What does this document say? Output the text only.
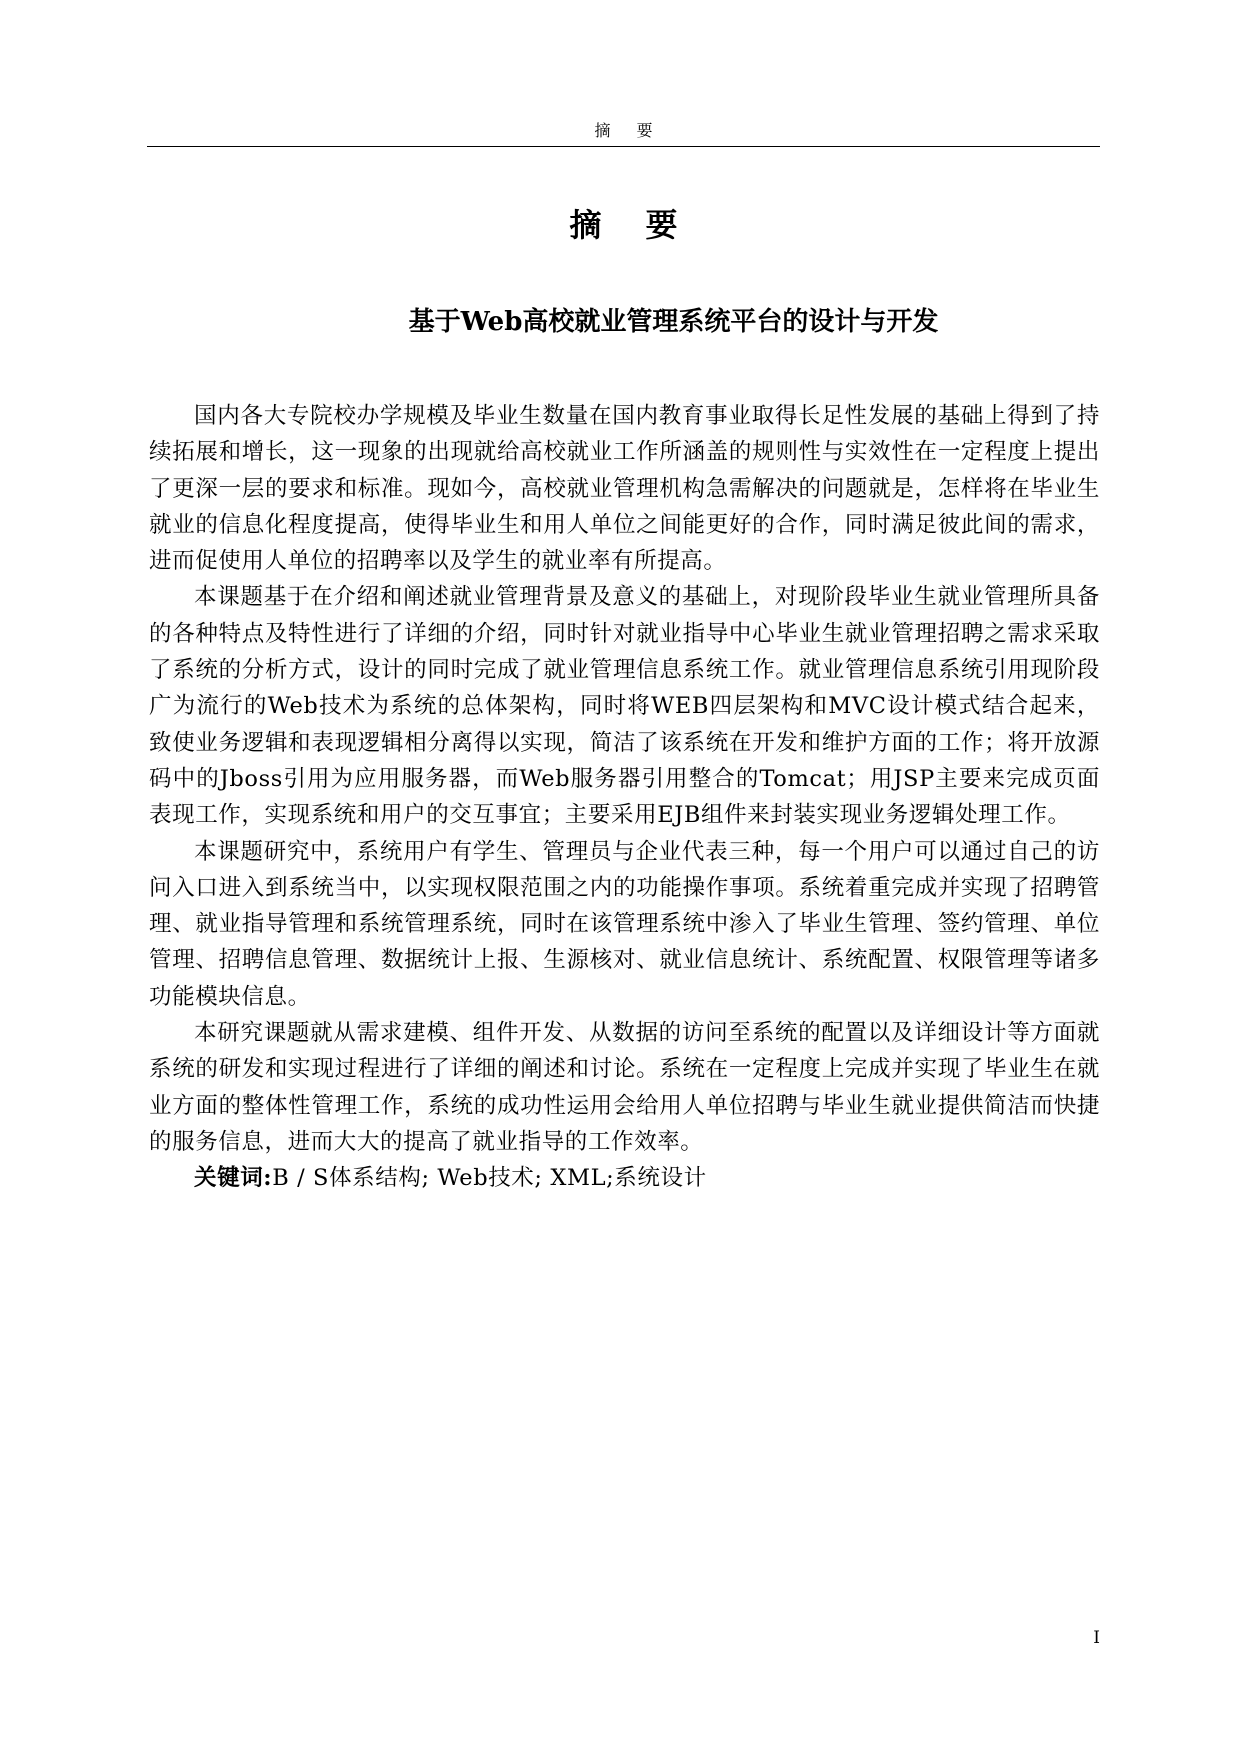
摘要
摘要
基于Web高校就业管理系统平台的设计与开发

国内各大专院校办学规模及毕业生数量在国内教育事业取得长足性发展的基础上得到了持续拓展和增长，这一现象的出现就给高校就业工作所涵盖的规则性与实效性在一定程度上提出了更深一层的要求和标准。现如今，高校就业管理机构急需解决的问题就是，怎样将在毕业生就业的信息化程度提高，使得毕业生和用人单位之间能更好的合作，同时满足彼此间的需求，进而促使用人单位的招聘率以及学生的就业率有所提高。

本课题基于在介绍和阐述就业管理背景及意义的基础上，对现阶段毕业生就业管理所具备的各种特点及特性进行了详细的介绍，同时针对就业指导中心毕业生就业管理招聘之需求采取了系统的分析方式，设计的同时完成了就业管理信息系统工作。就业管理信息系统引用现阶段广为流行的Web技术为系统的总体架构，同时将WEB四层架构和MVC设计模式结合起来，致使业务逻辑和表现逻辑相分离得以实现，简洁了该系统在开发和维护方面的工作；将开放源码中的Jboss引用为应用服务器，而Web服务器引用整合的Tomcat；用JSP主要来完成页面表现工作，实现系统和用户的交互事宜；主要采用EJB组件来封装实现业务逻辑处理工作。

本课题研究中，系统用户有学生、管理员与企业代表三种，每一个用户可以通过自己的访问入口进入到系统当中，以实现权限范围之内的功能操作事项。系统着重完成并实现了招聘管理、就业指导管理和系统管理系统，同时在该管理系统中渗入了毕业生管理、签约管理、单位管理、招聘信息管理、数据统计上报、生源核对、就业信息统计、系统配置、权限管理等诸多功能模块信息。

本研究课题就从需求建模、组件开发、从数据的访问至系统的配置以及详细设计等方面就系统的研发和实现过程进行了详细的阐述和讨论。系统在一定程度上完成并实现了毕业生在就业方面的整体性管理工作，系统的成功性运用会给用人单位招聘与毕业生就业提供简洁而快捷的服务信息，进而大大的提高了就业指导的工作效率。

关键词:B / S体系结构; Web技术; XML;系统设计

I
